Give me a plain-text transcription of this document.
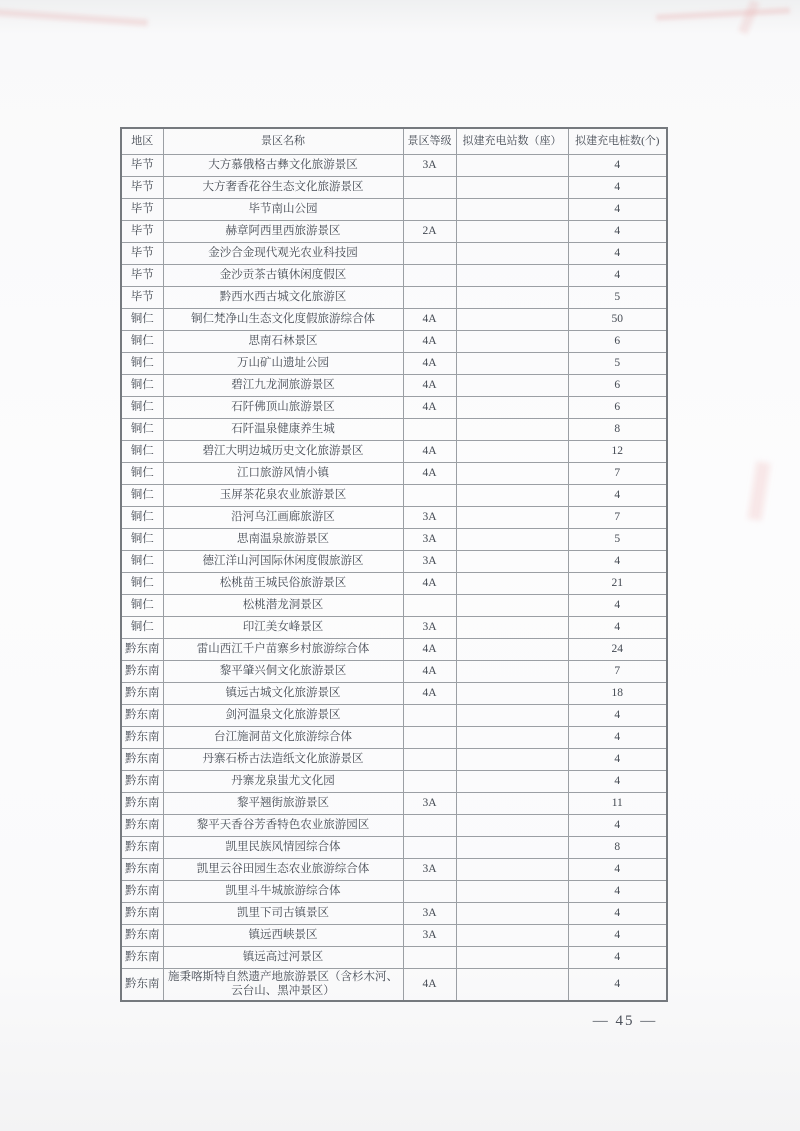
地区	景区名称	景区等级	拟建充电站数（座）	拟建充电桩数(个)
毕节	大方慕俄格古彝文化旅游景区	3A		4
毕节	大方奢香花谷生态文化旅游景区			4
毕节	毕节南山公园			4
毕节	赫章阿西里西旅游景区	2A		4
毕节	金沙合金现代观光农业科技园			4
毕节	金沙贡茶古镇休闲度假区			4
毕节	黔西水西古城文化旅游区			5
铜仁	铜仁梵净山生态文化度假旅游综合体	4A		50
铜仁	思南石林景区	4A		6
铜仁	万山矿山遗址公园	4A		5
铜仁	碧江九龙洞旅游景区	4A		6
铜仁	石阡佛顶山旅游景区	4A		6
铜仁	石阡温泉健康养生城			8
铜仁	碧江大明边城历史文化旅游景区	4A		12
铜仁	江口旅游风情小镇	4A		7
铜仁	玉屏茶花泉农业旅游景区			4
铜仁	沿河乌江画廊旅游区	3A		7
铜仁	思南温泉旅游景区	3A		5
铜仁	德江洋山河国际休闲度假旅游区	3A		4
铜仁	松桃苗王城民俗旅游景区	4A		21
铜仁	松桃潜龙洞景区			4
铜仁	印江美女峰景区	3A		4
黔东南	雷山西江千户苗寨乡村旅游综合体	4A		24
黔东南	黎平肇兴侗文化旅游景区	4A		7
黔东南	镇远古城文化旅游景区	4A		18
黔东南	剑河温泉文化旅游景区			4
黔东南	台江施洞苗文化旅游综合体			4
黔东南	丹寨石桥古法造纸文化旅游景区			4
黔东南	丹寨龙泉蚩尤文化园			4
黔东南	黎平翘街旅游景区	3A		11
黔东南	黎平天香谷芳香特色农业旅游园区			4
黔东南	凯里民族风情园综合体			8
黔东南	凯里云谷田园生态农业旅游综合体	3A		4
黔东南	凯里斗牛城旅游综合体			4
黔东南	凯里下司古镇景区	3A		4
黔东南	镇远西峡景区	3A		4
黔东南	镇远高过河景区			4
黔东南	施秉喀斯特自然遗产地旅游景区（含杉木河、云台山、黑冲景区）	4A		4
— 45 —
